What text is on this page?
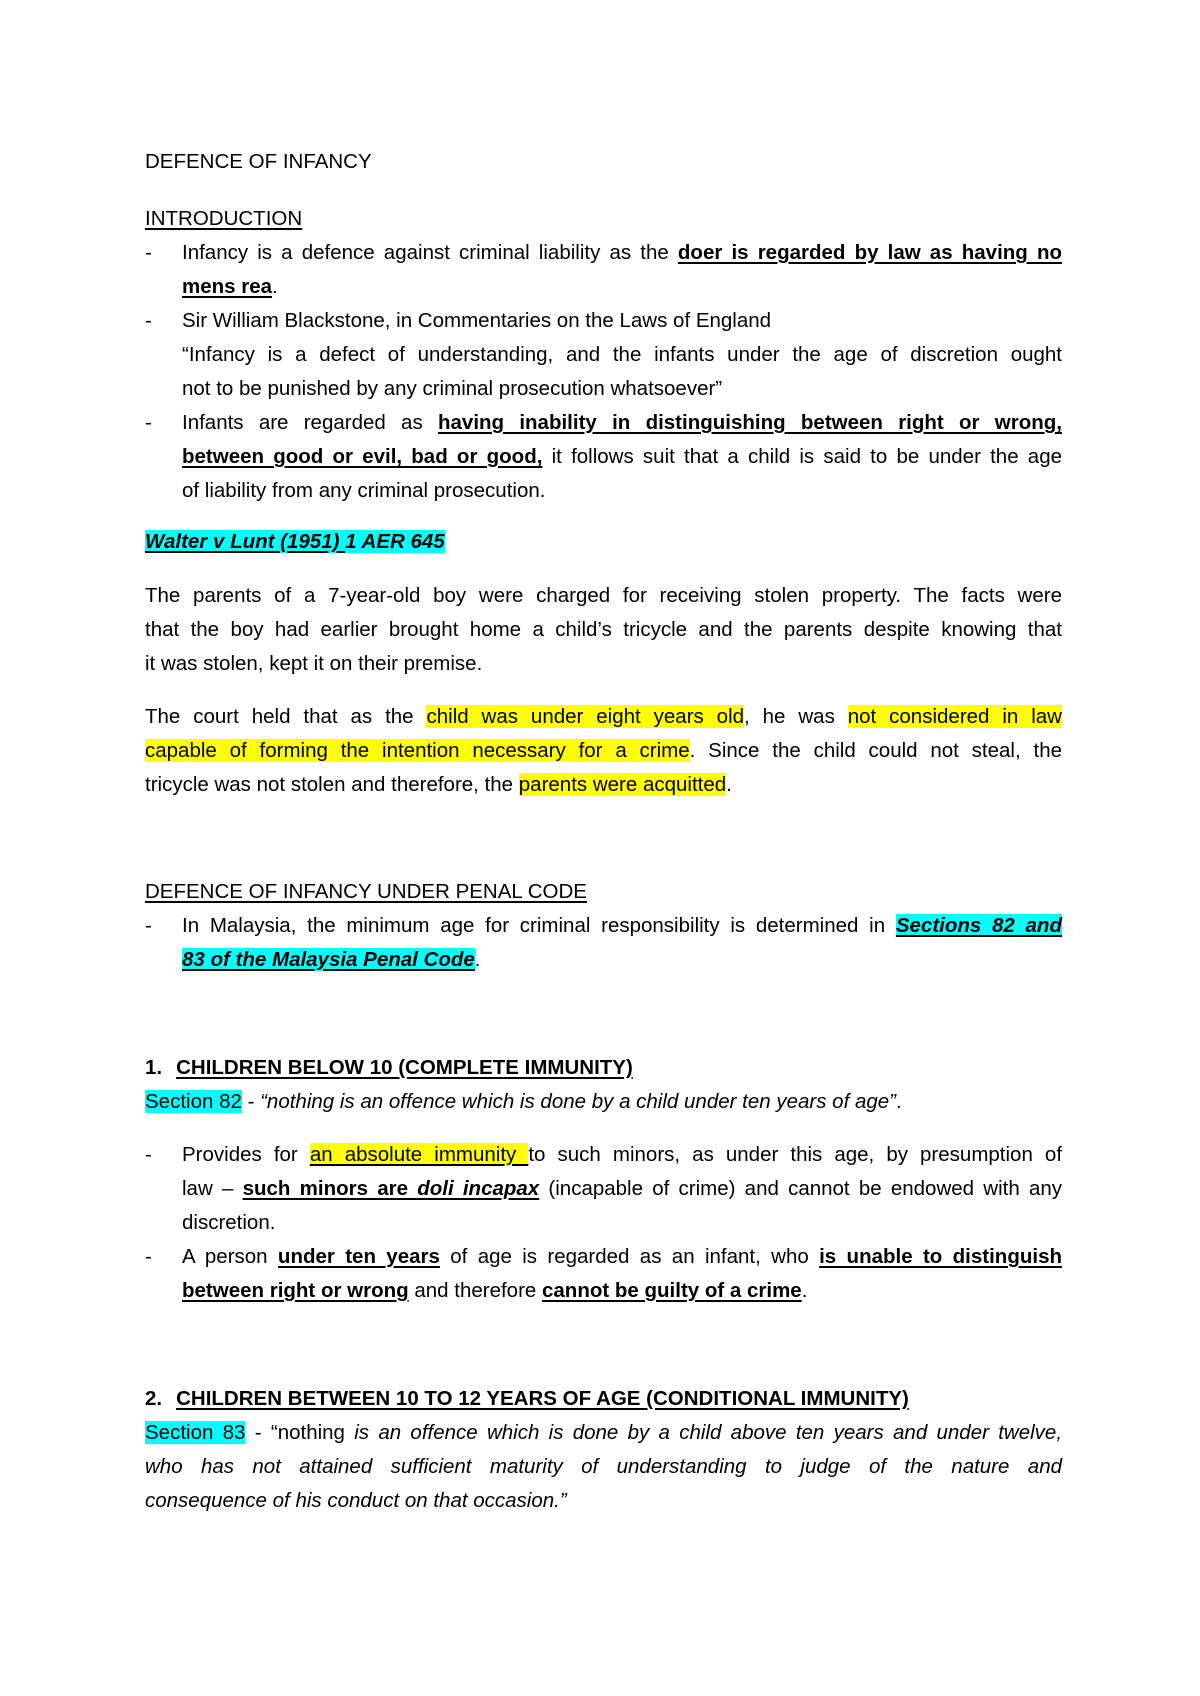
DEFENCE OF INFANCY
INTRODUCTION
- Infancy is a defence against criminal liability as the doer is regarded by law as having no
mens rea.
- Sir William Blackstone, in Commentaries on the Laws of England
“Infancy is a defect of understanding, and the infants under the age of discretion ought
not to be punished by any criminal prosecution whatsoever”
- Infants are regarded as having inability in distinguishing between right or wrong,
between good or evil, bad or good, it follows suit that a child is said to be under the age
of liability from any criminal prosecution.
Walter v Lunt (1951) 1 AER 645
The parents of a 7-year-old boy were charged for receiving stolen property. The facts were
that the boy had earlier brought home a child’s tricycle and the parents despite knowing that
it was stolen, kept it on their premise.
The court held that as the child was under eight years old, he was not considered in law
capable of forming the intention necessary for a crime. Since the child could not steal, the
tricycle was not stolen and therefore, the parents were acquitted.
DEFENCE OF INFANCY UNDER PENAL CODE
- In Malaysia, the minimum age for criminal responsibility is determined in Sections 82 and
83 of the Malaysia Penal Code.
1. CHILDREN BELOW 10 (COMPLETE IMMUNITY)
Section 82 - “nothing is an offence which is done by a child under ten years of age”.
- Provides for an absolute immunity to such minors, as under this age, by presumption of
law – such minors are doli incapax (incapable of crime) and cannot be endowed with any
discretion.
- A person under ten years of age is regarded as an infant, who is unable to distinguish
between right or wrong and therefore cannot be guilty of a crime.
2. CHILDREN BETWEEN 10 TO 12 YEARS OF AGE (CONDITIONAL IMMUNITY)
Section 83 - “nothing is an offence which is done by a child above ten years and under twelve,
who has not attained sufficient maturity of understanding to judge of the nature and
consequence of his conduct on that occasion.”
